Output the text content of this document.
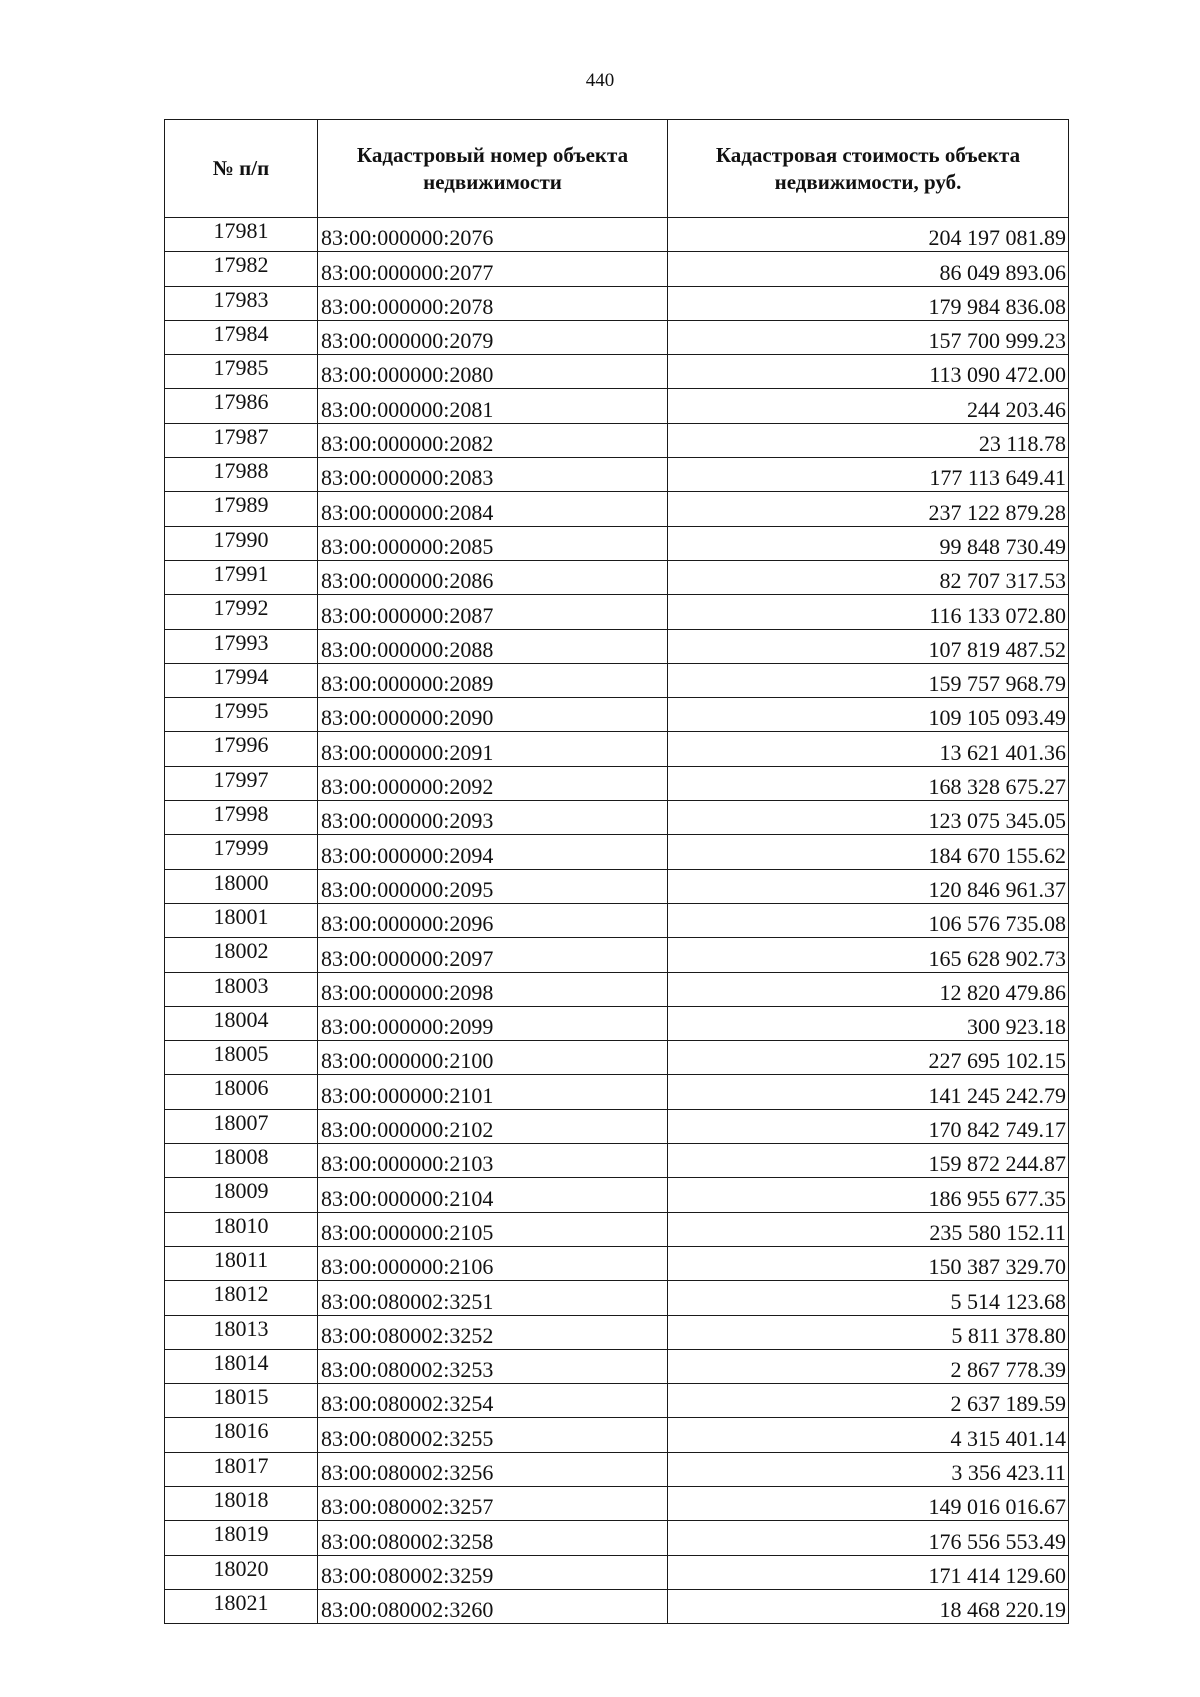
440
№ п/п	Кадастровый номер объекта недвижимости	Кадастровая стоимость объекта недвижимости, руб.
17981	83:00:000000:2076	204 197 081.89
17982	83:00:000000:2077	86 049 893.06
17983	83:00:000000:2078	179 984 836.08
17984	83:00:000000:2079	157 700 999.23
17985	83:00:000000:2080	113 090 472.00
17986	83:00:000000:2081	244 203.46
17987	83:00:000000:2082	23 118.78
17988	83:00:000000:2083	177 113 649.41
17989	83:00:000000:2084	237 122 879.28
17990	83:00:000000:2085	99 848 730.49
17991	83:00:000000:2086	82 707 317.53
17992	83:00:000000:2087	116 133 072.80
17993	83:00:000000:2088	107 819 487.52
17994	83:00:000000:2089	159 757 968.79
17995	83:00:000000:2090	109 105 093.49
17996	83:00:000000:2091	13 621 401.36
17997	83:00:000000:2092	168 328 675.27
17998	83:00:000000:2093	123 075 345.05
17999	83:00:000000:2094	184 670 155.62
18000	83:00:000000:2095	120 846 961.37
18001	83:00:000000:2096	106 576 735.08
18002	83:00:000000:2097	165 628 902.73
18003	83:00:000000:2098	12 820 479.86
18004	83:00:000000:2099	300 923.18
18005	83:00:000000:2100	227 695 102.15
18006	83:00:000000:2101	141 245 242.79
18007	83:00:000000:2102	170 842 749.17
18008	83:00:000000:2103	159 872 244.87
18009	83:00:000000:2104	186 955 677.35
18010	83:00:000000:2105	235 580 152.11
18011	83:00:000000:2106	150 387 329.70
18012	83:00:080002:3251	5 514 123.68
18013	83:00:080002:3252	5 811 378.80
18014	83:00:080002:3253	2 867 778.39
18015	83:00:080002:3254	2 637 189.59
18016	83:00:080002:3255	4 315 401.14
18017	83:00:080002:3256	3 356 423.11
18018	83:00:080002:3257	149 016 016.67
18019	83:00:080002:3258	176 556 553.49
18020	83:00:080002:3259	171 414 129.60
18021	83:00:080002:3260	18 468 220.19
